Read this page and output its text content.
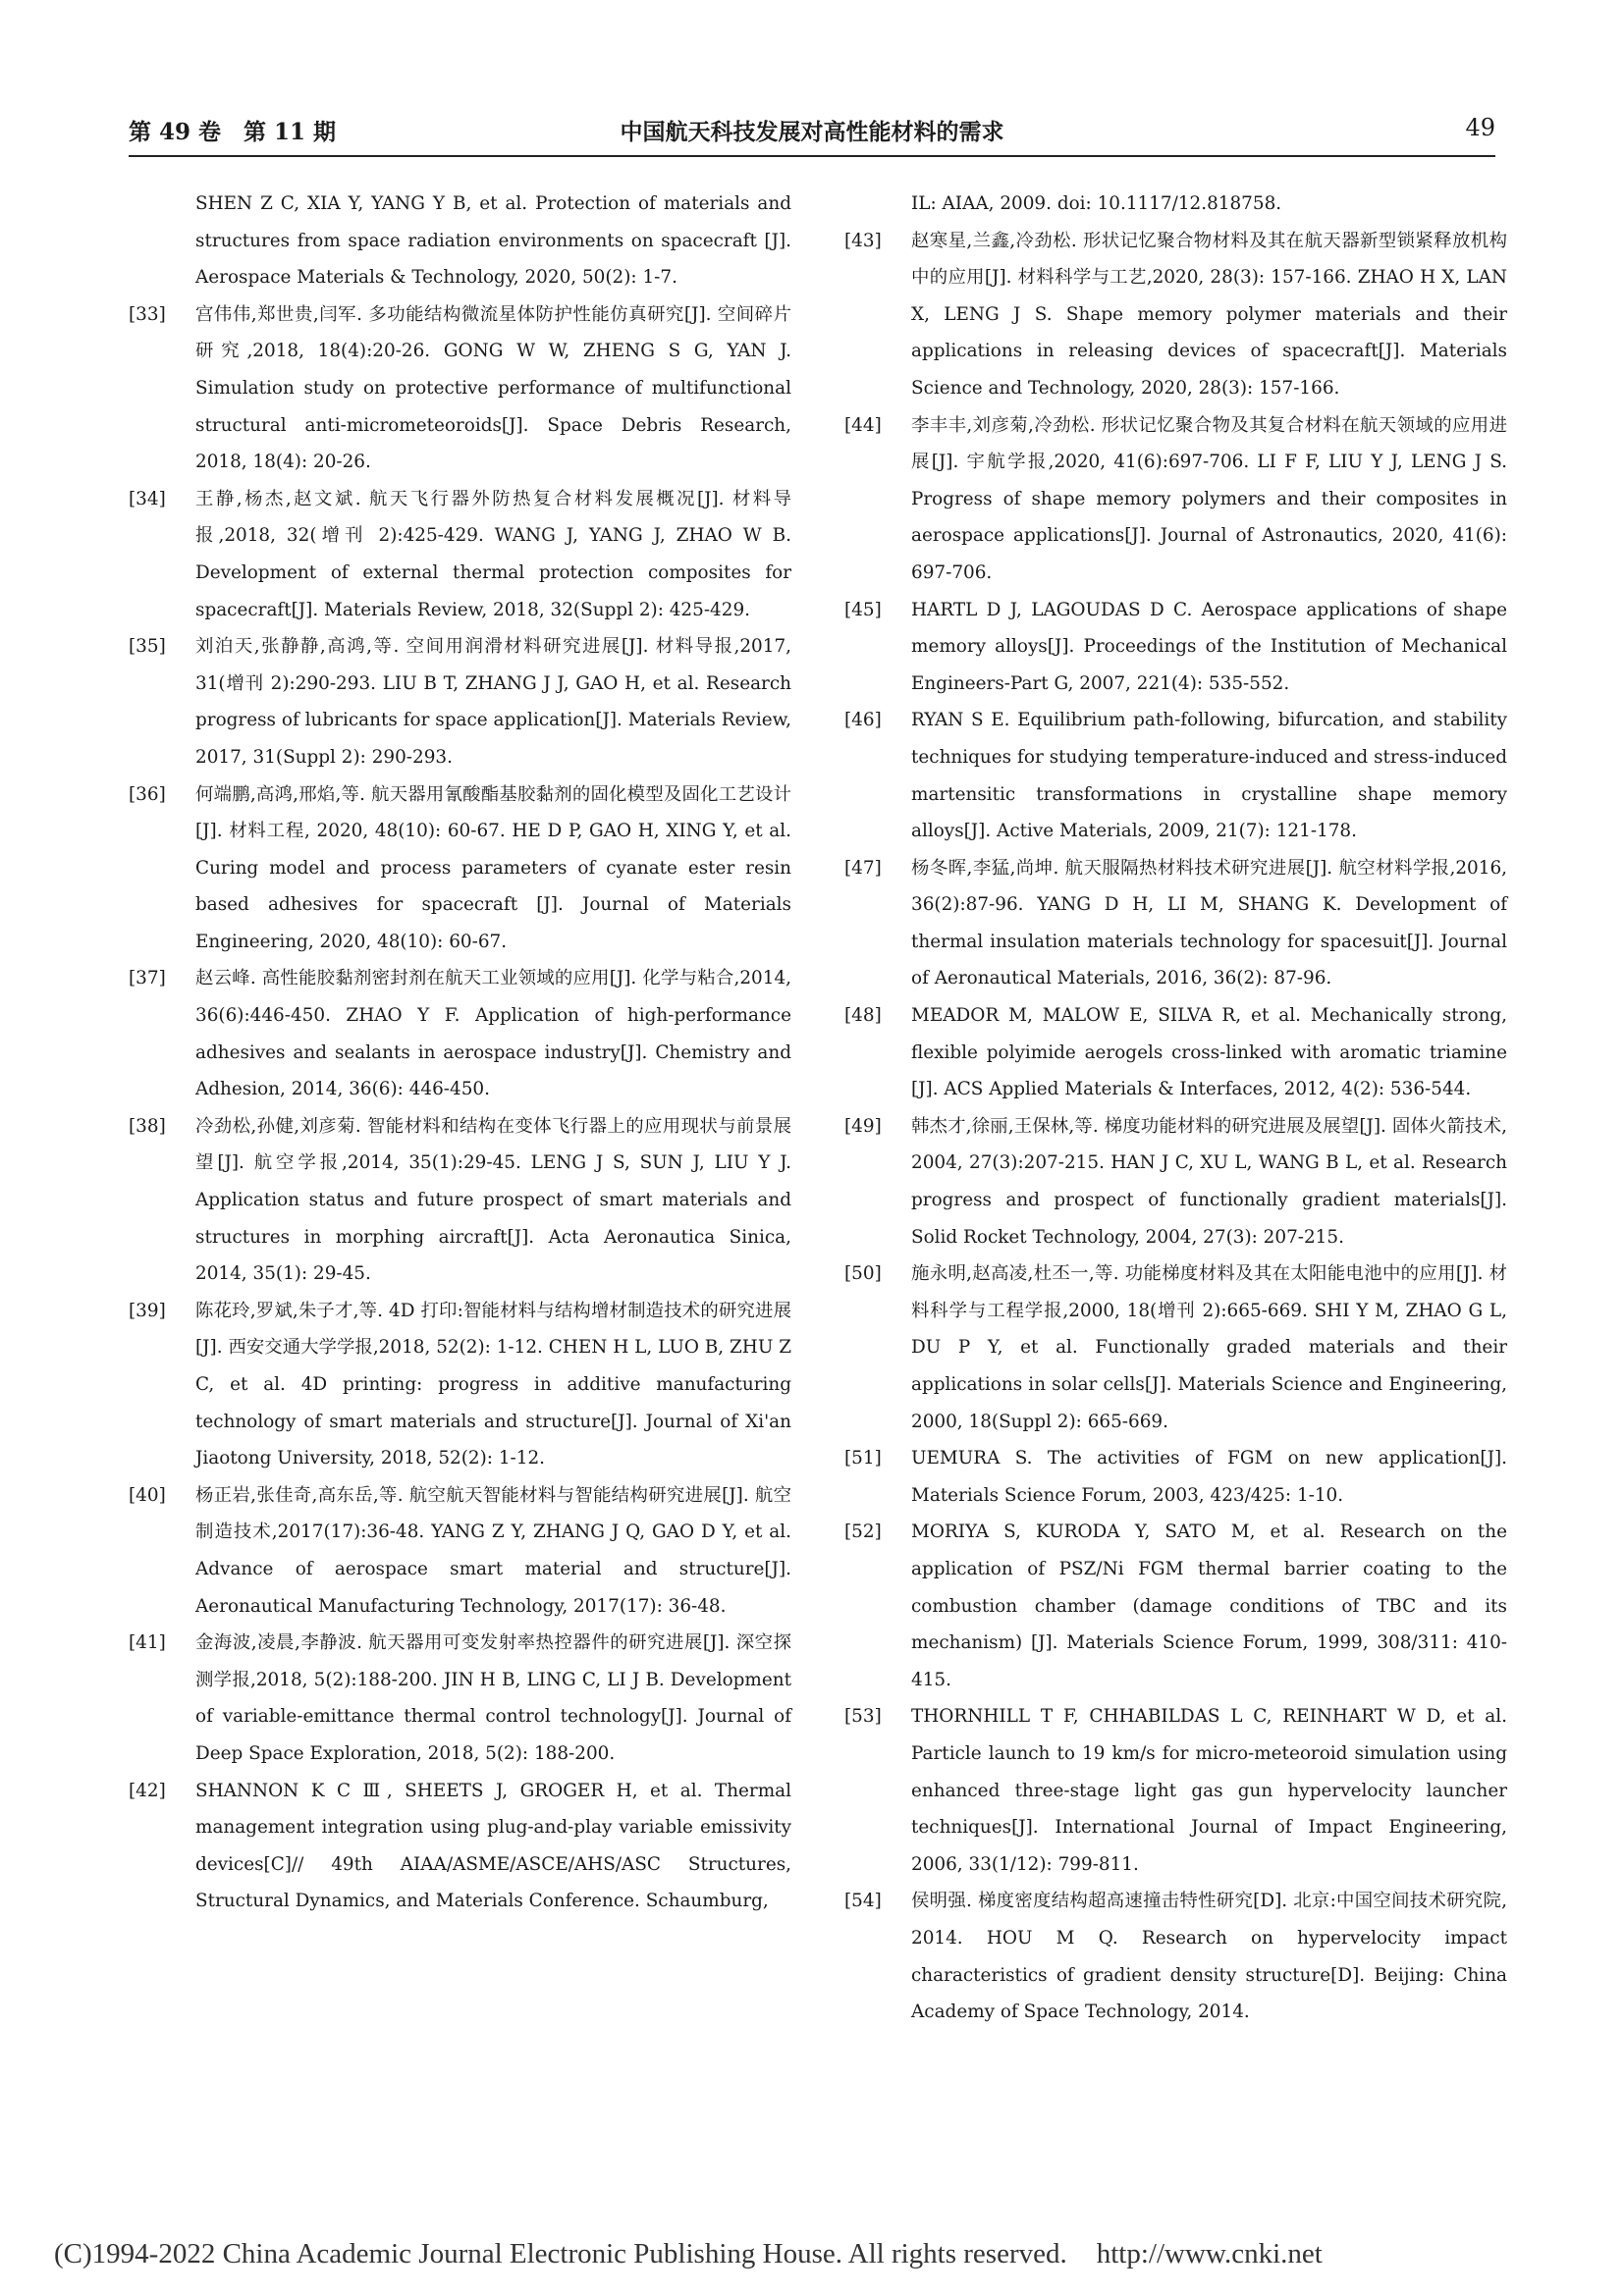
第 49 卷　第 11 期	中国航天科技发展对高性能材料的需求	49
SHEN Z C, XIA Y, YANG Y B, et al. Protection of materials and structures from space radiation environments on spacecraft [J]. Aerospace Materials & Technology, 2020, 50(2): 1-7.
[33] 宫伟伟,郑世贵,闫军. 多功能结构微流星体防护性能仿真研究[J]. 空间碎片研究,2018, 18(4):20-26. GONG W W, ZHENG S G, YAN J. Simulation study on protective performance of multifunctional structural anti-micrometeoroids[J]. Space Debris Research, 2018, 18(4): 20-26.
[34] 王静,杨杰,赵文斌. 航天飞行器外防热复合材料发展概况[J]. 材料导报,2018, 32(增刊 2):425-429. WANG J, YANG J, ZHAO W B. Development of external thermal protection composites for spacecraft[J]. Materials Review, 2018, 32(Suppl 2): 425-429.
[35] 刘泊天,张静静,高鸿,等. 空间用润滑材料研究进展[J]. 材料导报,2017, 31(增刊 2):290-293. LIU B T, ZHANG J J, GAO H, et al. Research progress of lubricants for space application[J]. Materials Review, 2017, 31(Suppl 2): 290-293.
[36] 何端鹏,高鸿,邢焰,等. 航天器用氰酸酯基胶黏剂的固化模型及固化工艺设计[J]. 材料工程, 2020, 48(10): 60-67. HE D P, GAO H, XING Y, et al. Curing model and process parameters of cyanate ester resin based adhesives for spacecraft [J]. Journal of Materials Engineering, 2020, 48(10): 60-67.
[37] 赵云峰. 高性能胶黏剂密封剂在航天工业领域的应用[J]. 化学与粘合,2014, 36(6):446-450. ZHAO Y F. Application of high-performance adhesives and sealants in aerospace industry[J]. Chemistry and Adhesion, 2014, 36(6): 446-450.
[38] 冷劲松,孙健,刘彦菊. 智能材料和结构在变体飞行器上的应用现状与前景展望[J]. 航空学报,2014, 35(1):29-45. LENG J S, SUN J, LIU Y J. Application status and future prospect of smart materials and structures in morphing aircraft[J]. Acta Aeronautica Sinica, 2014, 35(1): 29-45.
[39] 陈花玲,罗斌,朱子才,等. 4D 打印:智能材料与结构增材制造技术的研究进展[J]. 西安交通大学学报,2018, 52(2): 1-12. CHEN H L, LUO B, ZHU Z C, et al. 4D printing: progress in additive manufacturing technology of smart materials and structure[J]. Journal of Xi'an Jiaotong University, 2018, 52(2): 1-12.
[40] 杨正岩,张佳奇,高东岳,等. 航空航天智能材料与智能结构研究进展[J]. 航空制造技术,2017(17):36-48. YANG Z Y, ZHANG J Q, GAO D Y, et al. Advance of aerospace smart material and structure[J]. Aeronautical Manufacturing Technology, 2017(17): 36-48.
[41] 金海波,凌晨,李静波. 航天器用可变发射率热控器件的研究进展[J]. 深空探测学报,2018, 5(2):188-200. JIN H B, LING C, LI J B. Development of variable-emittance thermal control technology[J]. Journal of Deep Space Exploration, 2018, 5(2): 188-200.
[42] SHANNON K C Ⅲ, SHEETS J, GROGER H, et al. Thermal management integration using plug-and-play variable emissivity devices[C]// 49th AIAA/ASME/ASCE/AHS/ASC Structures, Structural Dynamics, and Materials Conference. Schaumburg,
IL: AIAA, 2009. doi: 10.1117/12.818758.
[43] 赵寒星,兰鑫,冷劲松. 形状记忆聚合物材料及其在航天器新型锁紧释放机构中的应用[J]. 材料科学与工艺,2020, 28(3): 157-166. ZHAO H X, LAN X, LENG J S. Shape memory polymer materials and their applications in releasing devices of spacecraft[J]. Materials Science and Technology, 2020, 28(3): 157-166.
[44] 李丰丰,刘彦菊,冷劲松. 形状记忆聚合物及其复合材料在航天领域的应用进展[J]. 宇航学报,2020, 41(6):697-706. LI F F, LIU Y J, LENG J S. Progress of shape memory polymers and their composites in aerospace applications[J]. Journal of Astronautics, 2020, 41(6): 697-706.
[45] HARTL D J, LAGOUDAS D C. Aerospace applications of shape memory alloys[J]. Proceedings of the Institution of Mechanical Engineers-Part G, 2007, 221(4): 535-552.
[46] RYAN S E. Equilibrium path-following, bifurcation, and stability techniques for studying temperature-induced and stress-induced martensitic transformations in crystalline shape memory alloys[J]. Active Materials, 2009, 21(7): 121-178.
[47] 杨冬晖,李猛,尚坤. 航天服隔热材料技术研究进展[J]. 航空材料学报,2016, 36(2):87-96. YANG D H, LI M, SHANG K. Development of thermal insulation materials technology for spacesuit[J]. Journal of Aeronautical Materials, 2016, 36(2): 87-96.
[48] MEADOR M, MALOW E, SILVA R, et al. Mechanically strong, flexible polyimide aerogels cross-linked with aromatic triamine [J]. ACS Applied Materials & Interfaces, 2012, 4(2): 536-544.
[49] 韩杰才,徐丽,王保林,等. 梯度功能材料的研究进展及展望[J]. 固体火箭技术, 2004, 27(3):207-215. HAN J C, XU L, WANG B L, et al. Research progress and prospect of functionally gradient materials[J]. Solid Rocket Technology, 2004, 27(3): 207-215.
[50] 施永明,赵高凌,杜丕一,等. 功能梯度材料及其在太阳能电池中的应用[J]. 材料科学与工程学报,2000, 18(增刊 2):665-669. SHI Y M, ZHAO G L, DU P Y, et al. Functionally graded materials and their applications in solar cells[J]. Materials Science and Engineering, 2000, 18(Suppl 2): 665-669.
[51] UEMURA S. The activities of FGM on new application[J]. Materials Science Forum, 2003, 423/425: 1-10.
[52] MORIYA S, KURODA Y, SATO M, et al. Research on the application of PSZ/Ni FGM thermal barrier coating to the combustion chamber (damage conditions of TBC and its mechanism) [J]. Materials Science Forum, 1999, 308/311: 410-415.
[53] THORNHILL T F, CHHABILDAS L C, REINHART W D, et al. Particle launch to 19 km/s for micro-meteoroid simulation using enhanced three-stage light gas gun hypervelocity launcher techniques[J]. International Journal of Impact Engineering, 2006, 33(1/12): 799-811.
[54] 侯明强. 梯度密度结构超高速撞击特性研究[D]. 北京:中国空间技术研究院, 2014. HOU M Q. Research on hypervelocity impact characteristics of gradient density structure[D]. Beijing: China Academy of Space Technology, 2014.
(C)1994-2022 China Academic Journal Electronic Publishing House. All rights reserved. http://www.cnki.net
